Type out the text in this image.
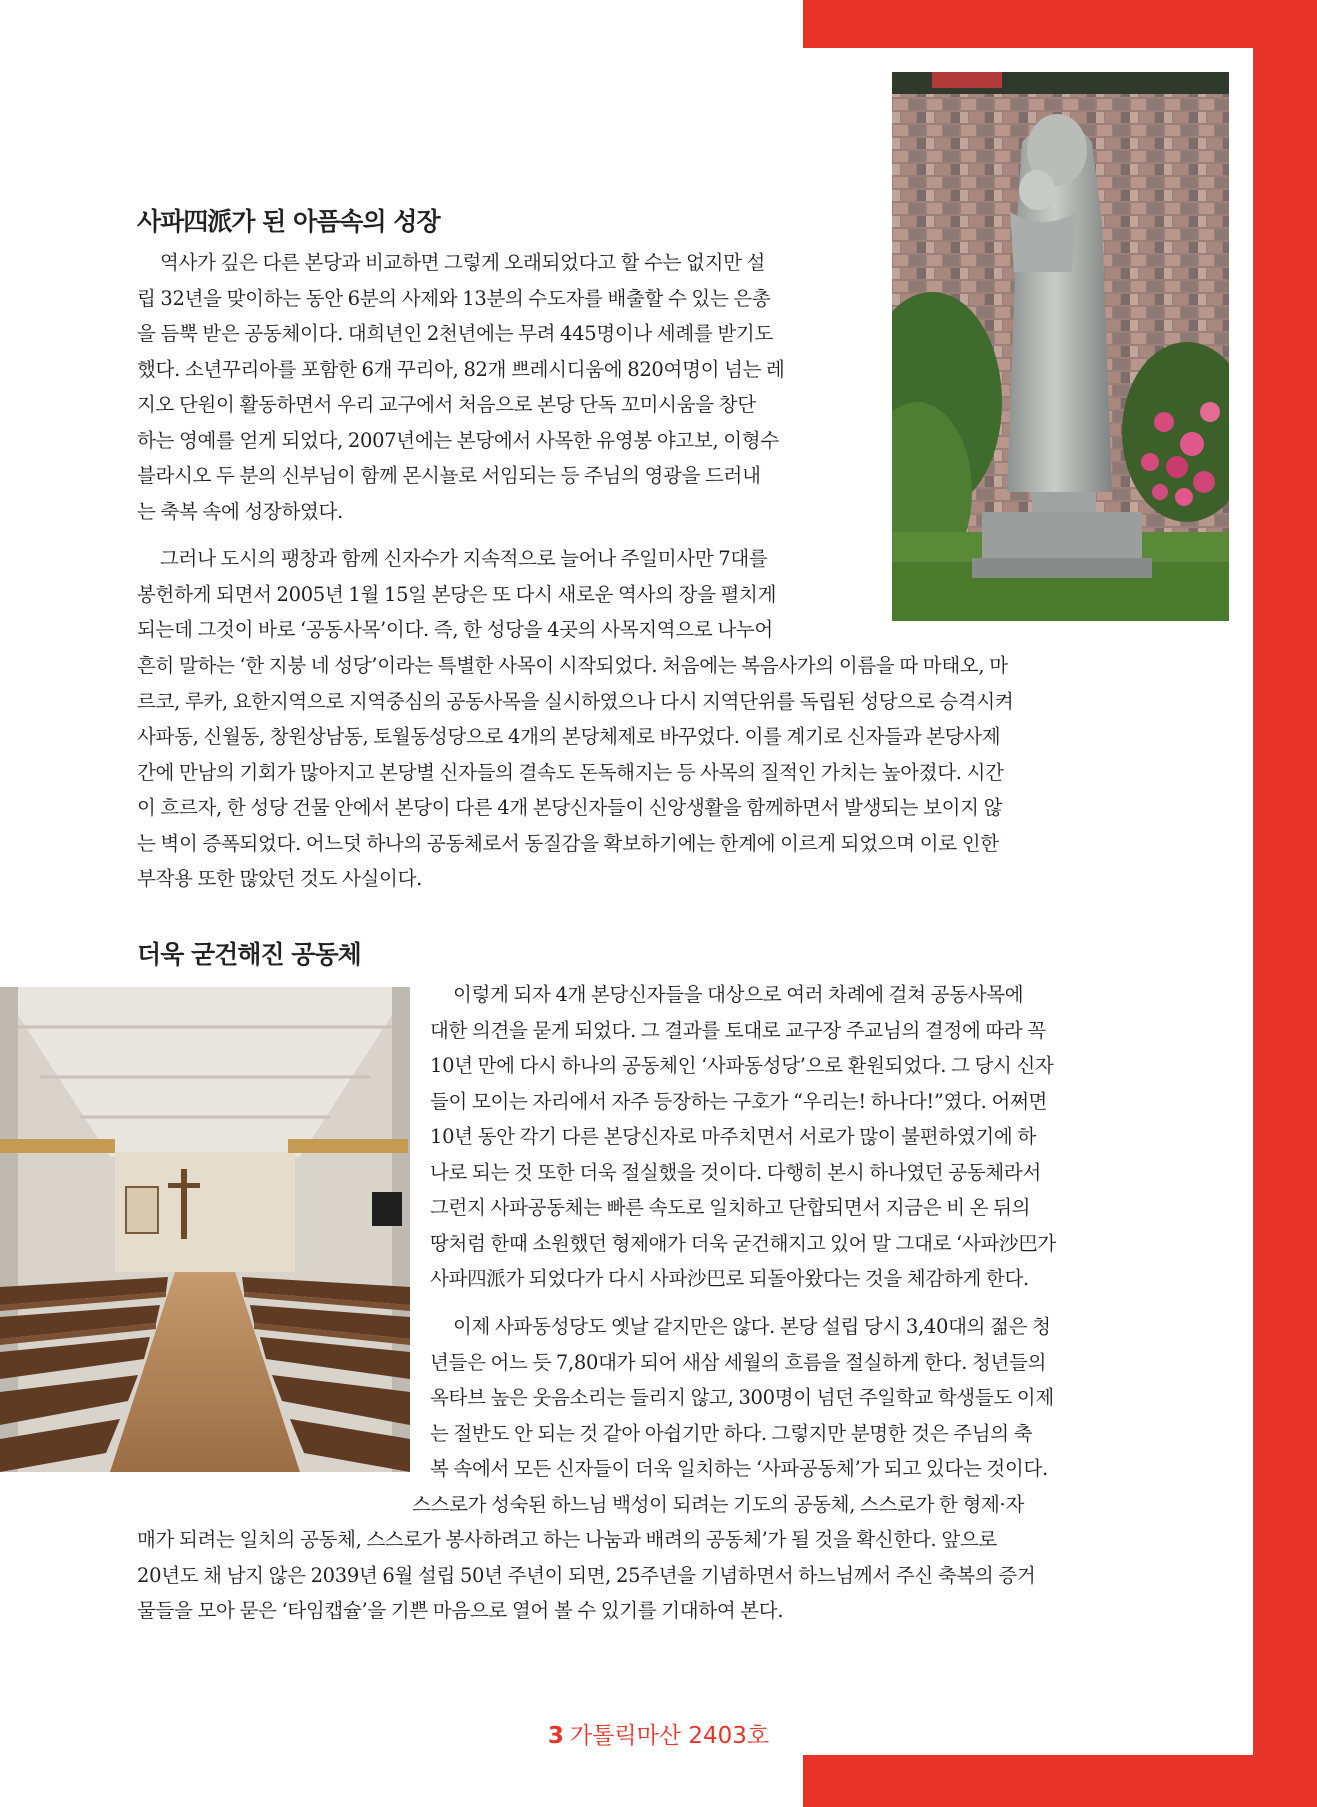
사파四派가 된 아픔속의 성장

역사가 깊은 다른 본당과 비교하면 그렇게 오래되었다고 할 수는 없지만 설
립 32년을 맞이하는 동안 6분의 사제와 13분의 수도자를 배출할 수 있는 은총
을 듬뿍 받은 공동체이다. 대희년인 2천년에는 무려 445명이나 세례를 받기도
했다. 소년꾸리아를 포함한 6개 꾸리아, 82개 쁘레시디움에 820여명이 넘는 레
지오 단원이 활동하면서 우리 교구에서 처음으로 본당 단독 꼬미시움을 창단
하는 영예를 얻게 되었다, 2007년에는 본당에서 사목한 유영봉 야고보, 이형수
블라시오 두 분의 신부님이 함께 몬시뇰로 서임되는 등 주님의 영광을 드러내
는 축복 속에 성장하였다.

그러나 도시의 팽창과 함께 신자수가 지속적으로 늘어나 주일미사만 7대를
봉헌하게 되면서 2005년 1월 15일 본당은 또 다시 새로운 역사의 장을 펼치게
되는데 그것이 바로 ‘공동사목’이다. 즉, 한 성당을 4곳의 사목지역으로 나누어

흔히 말하는 ‘한 지붕 네 성당’이라는 특별한 사목이 시작되었다. 처음에는 복음사가의 이름을 따 마태오, 마
르코, 루카, 요한지역으로 지역중심의 공동사목을 실시하였으나 다시 지역단위를 독립된 성당으로 승격시켜
사파동, 신월동, 창원상남동, 토월동성당으로 4개의 본당체제로 바꾸었다. 이를 계기로 신자들과 본당사제
간에 만남의 기회가 많아지고 본당별 신자들의 결속도 돈독해지는 등 사목의 질적인 가치는 높아졌다. 시간
이 흐르자, 한 성당 건물 안에서 본당이 다른 4개 본당신자들이 신앙생활을 함께하면서 발생되는 보이지 않
는 벽이 증폭되었다. 어느덧 하나의 공동체로서 동질감을 확보하기에는 한계에 이르게 되었으며 이로 인한
부작용 또한 많았던 것도 사실이다.

더욱 굳건해진 공동체

이렇게 되자 4개 본당신자들을 대상으로 여러 차례에 걸쳐 공동사목에
대한 의견을 묻게 되었다. 그 결과를 토대로 교구장 주교님의 결정에 따라 꼭
10년 만에 다시 하나의 공동체인 ‘사파동성당’으로 환원되었다. 그 당시 신자
들이 모이는 자리에서 자주 등장하는 구호가 “우리는! 하나다!”였다. 어쩌면
10년 동안 각기 다른 본당신자로 마주치면서 서로가 많이 불편하였기에 하
나로 되는 것 또한 더욱 절실했을 것이다. 다행히 본시 하나였던 공동체라서
그런지 사파공동체는 빠른 속도로 일치하고 단합되면서 지금은 비 온 뒤의
땅처럼 한때 소원했던 형제애가 더욱 굳건해지고 있어 말 그대로 ‘사파沙巴가
사파四派가 되었다가 다시 사파沙巴로 되돌아왔다는 것을 체감하게 한다.

이제 사파동성당도 옛날 같지만은 않다. 본당 설립 당시 3,40대의 젊은 청
년들은 어느 듯 7,80대가 되어 새삼 세월의 흐름을 절실하게 한다. 청년들의
옥타브 높은 웃음소리는 들리지 않고, 300명이 넘던 주일학교 학생들도 이제
는 절반도 안 되는 것 같아 아쉽기만 하다. 그렇지만 분명한 것은 주님의 축
복 속에서 모든 신자들이 더욱 일치하는 ‘사파공동체’가 되고 있다는 것이다.
스스로가 성숙된 하느님 백성이 되려는 기도의 공동체, 스스로가 한 형제·자

매가 되려는 일치의 공동체, 스스로가 봉사하려고 하는 나눔과 배려의 공동체’가 될 것을 확신한다. 앞으로
20년도 채 남지 않은 2039년 6월 설립 50년 주년이 되면, 25주년을 기념하면서 하느님께서 주신 축복의 증거
물들을 모아 묻은 ‘타임캡슐’을 기쁜 마음으로 열어 볼 수 있기를 기대하여 본다.

3 가톨릭마산 2403호
